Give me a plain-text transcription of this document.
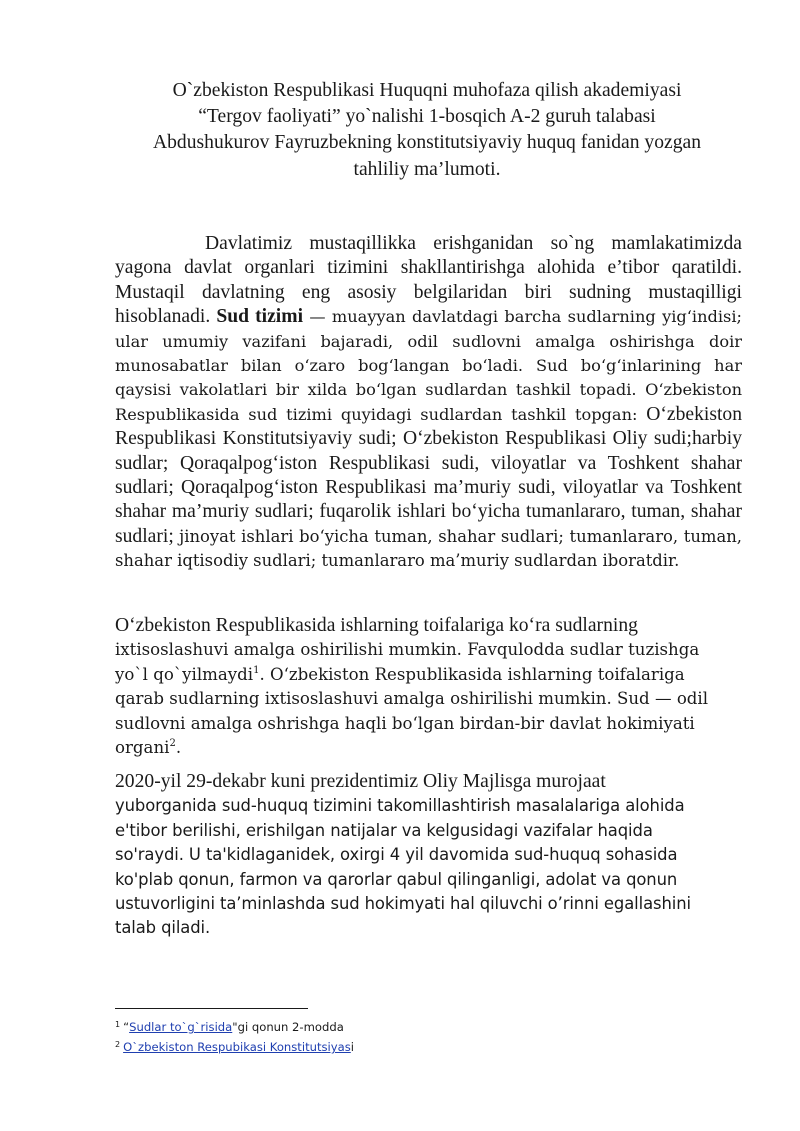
O`zbekiston Respublikasi Huquqni muhofaza qilish akademiyasi
“Tergov faoliyati” yo`nalishi 1-bosqich A-2 guruh talabasi
Abdushukurov Fayruzbekning konstitutsiyaviy huquq fanidan yozgan
tahliliy ma’lumoti.

Davlatimiz mustaqillikka erishganidan so`ng mamlakatimizda yagona davlat organlari tizimini shakllantirishga alohida e’tibor qaratildi. Mustaqil davlatning eng asosiy belgilaridan biri sudning mustaqilligi hisoblanadi. Sud tizimi — muayyan davlatdagi barcha sudlarning yig‘indisi; ular umumiy vazifani bajaradi, odil sudlovni amalga oshirishga doir munosabatlar bilan o‘zaro bog‘langan bo‘ladi. Sud bo‘g‘inlarining har qaysisi vakolatlari bir xilda bo‘lgan sudlardan tashkil topadi. O‘zbekiston Respublikasida sud tizimi quyidagi sudlardan tashkil topgan: O‘zbekiston Respublikasi Konstitutsiyaviy sudi; O‘zbekiston Respublikasi Oliy sudi;harbiy sudlar; Qoraqalpog‘iston Respublikasi sudi, viloyatlar va Toshkent shahar sudlari; Qoraqalpog‘iston Respublikasi ma’muriy sudi, viloyatlar va Toshkent shahar ma’muriy sudlari; fuqarolik ishlari bo‘yicha tumanlararo, tuman, shahar sudlari; jinoyat ishlari bo‘yicha tuman, shahar sudlari; tumanlararo, tuman, shahar iqtisodiy sudlari; tumanlararo ma’muriy sudlardan iboratdir.

O‘zbekiston Respublikasida ishlarning toifalariga ko‘ra sudlarning
ixtisoslashuvi amalga oshirilishi mumkin. Favqulodda sudlar tuzishga
yo`l qo`yilmaydi$^1$. O‘zbekiston Respublikasida ishlarning toifalariga
qarab sudlarning ixtisoslashuvi amalga oshirilishi mumkin. Sud — odil
sudlovni amalga oshrishga haqli bo‘lgan birdan-bir davlat hokimiyati
organi$^2$.
2020-yil 29-dekabr kuni prezidentimiz Oliy Majlisga murojaat
yuborganida sud-huquq tizimini takomillashtirish masalalariga alohida
e'tibor berilishi, erishilgan natijalar va kelgusidagi vazifalar haqida
so'raydi. U ta'kidlaganidek, oxirgi 4 yil davomida sud-huquq sohasida
ko'plab qonun, farmon va qarorlar qabul qilinganligi, adolat va qonun
ustuvorligini ta’minlashda sud hokimyati hal qiluvchi o’rinni egallashini
talab qiladi.
$^1$ “Sudlar to`g`risida"gi qonun 2-modda
$^2$ O`zbekiston Respubikasi Konstitutsiyasi
